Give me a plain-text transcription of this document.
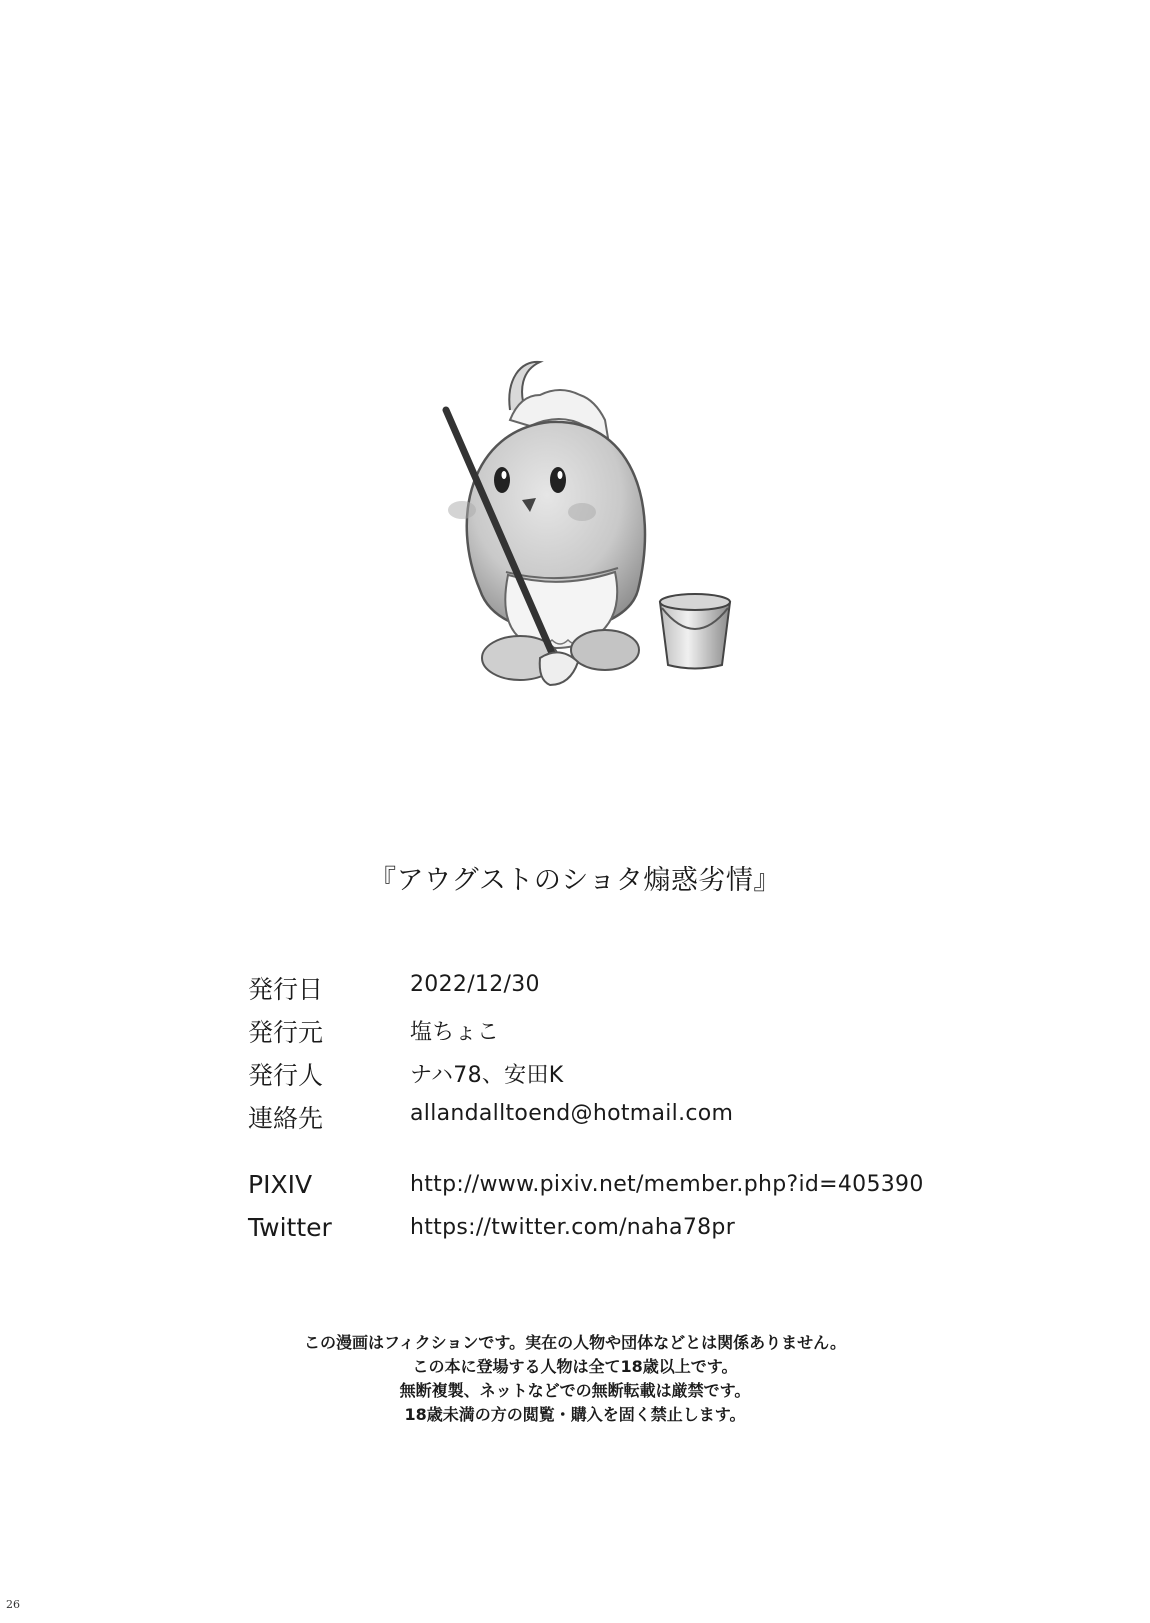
『アウグストのショタ煽惑劣情』
発行日	2022/12/30
発行元	塩ちょこ
発行人	ナハ78、安田K
連絡先	allandalltoend@hotmail.com
PIXIV	http://www.pixiv.net/member.php?id=405390
Twitter	https://twitter.com/naha78pr
この漫画はフィクションです。実在の人物や団体などとは関係ありません。
この本に登場する人物は全て18歳以上です。
無断複製、ネットなどでの無断転載は厳禁です。
18歳未満の方の閲覧・購入を固く禁止します。
26
